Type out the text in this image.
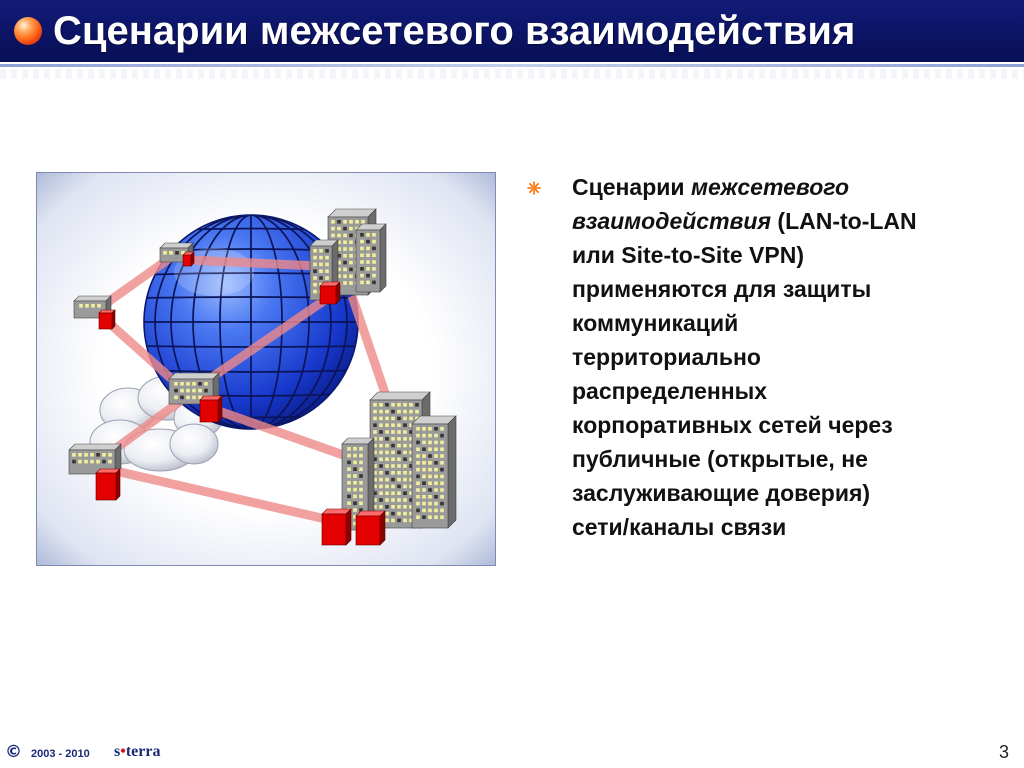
Сценарии межсетевого взаимодействия

Сценарии межсетевого
взаимодействия (LAN-to-LAN
или Site-to-Site VPN)
применяются для защиты
коммуникаций
территориально
распределенных
корпоративных сетей через
публичные (открытые, не
заслуживающие доверия)
сети/каналы связи

© 2003 - 2010 s•terra	3
